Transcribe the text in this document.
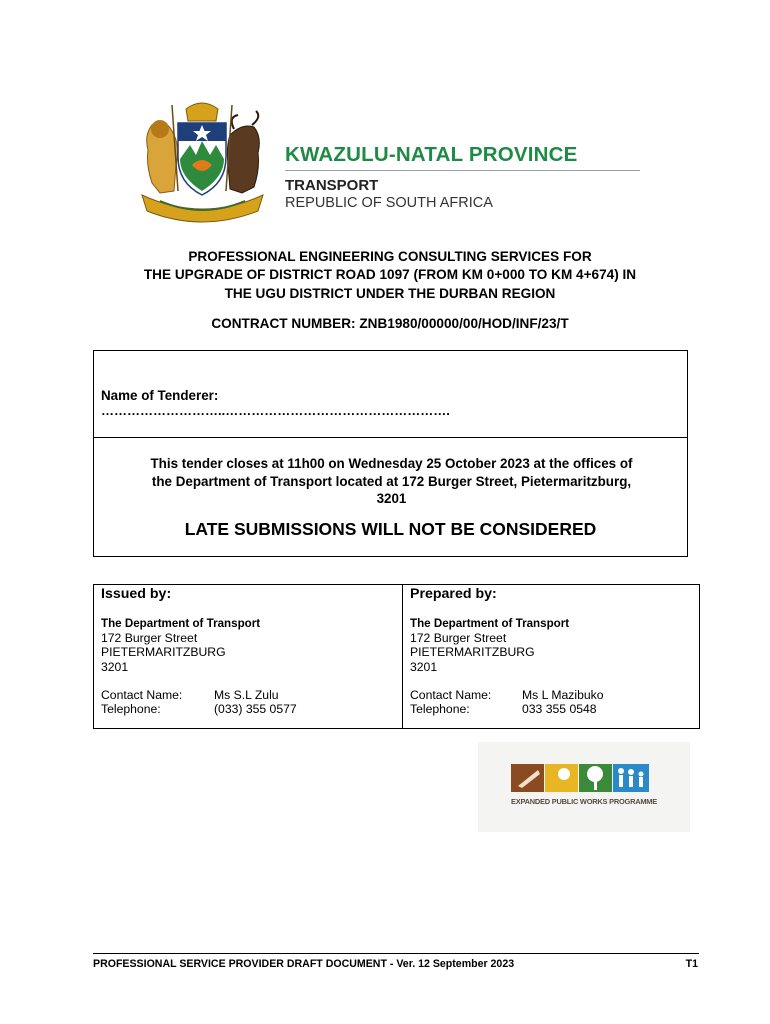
KWAZULU-NATAL PROVINCE
TRANSPORT
REPUBLIC OF SOUTH AFRICA
PROFESSIONAL ENGINEERING CONSULTING SERVICES FOR
THE UPGRADE OF DISTRICT ROAD 1097 (FROM KM 0+000 TO KM 4+674) IN
THE UGU DISTRICT UNDER THE DURBAN REGION
CONTRACT NUMBER: ZNB1980/00000/00/HOD/INF/23/T
Name of Tenderer:
………………………..…………………………………………….
This tender closes at 11h00 on Wednesday 25 October 2023 at the offices of
the Department of Transport located at 172 Burger Street, Pietermaritzburg,
3201
LATE SUBMISSIONS WILL NOT BE CONSIDERED
Issued by:
The Department of Transport
172 Burger Street
PIETERMARITZBURG
3201
Contact Name:	Ms S.L Zulu
Telephone:	(033) 355 0577
Prepared by:
The Department of Transport
172 Burger Street
PIETERMARITZBURG
3201
Contact Name:	Ms L Mazibuko
Telephone:	033 355 0548
EXPANDED PUBLIC WORKS PROGRAMME
PROFESSIONAL SERVICE PROVIDER DRAFT DOCUMENT - Ver. 12 September 2023	T1
